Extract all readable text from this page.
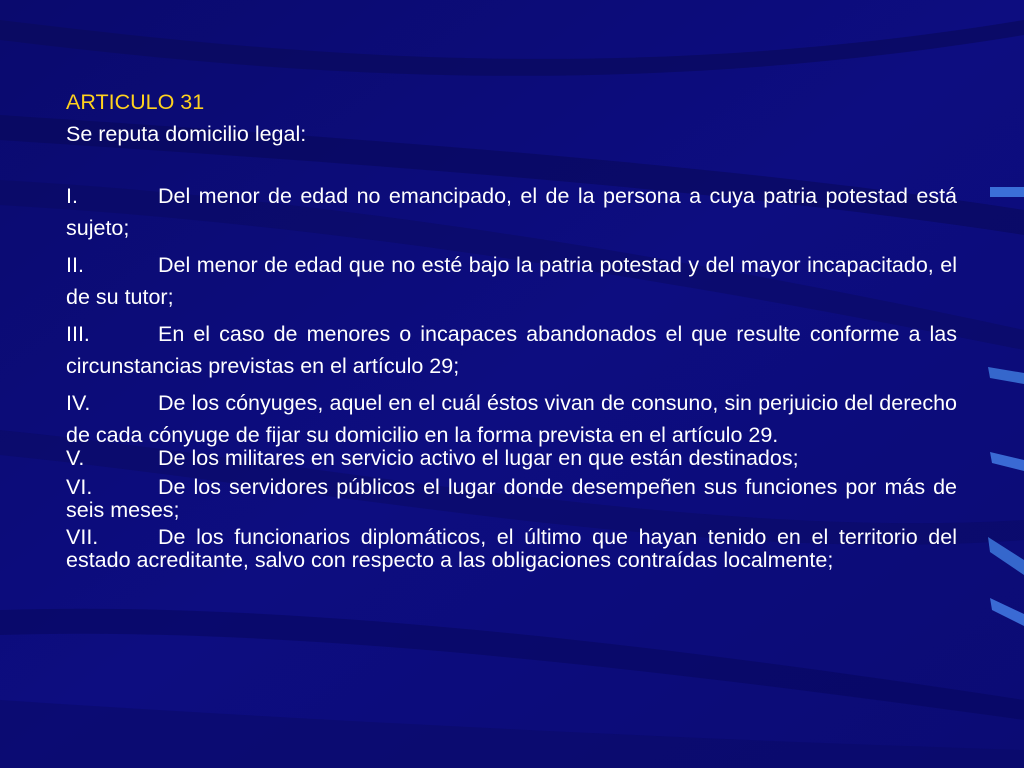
ARTICULO 31

Se reputa domicilio legal:

I.	Del menor de edad no emancipado, el de la persona a cuya patria potestad está sujeto;
II.	Del menor de edad que no esté bajo la patria potestad y del mayor incapacitado, el de su tutor;
III.	En el caso de menores o incapaces abandonados el que resulte conforme a las circunstancias previstas en el artículo 29;
IV.	De los cónyuges, aquel en el cuál éstos vivan de consuno, sin perjuicio del derecho de cada cónyuge de fijar su domicilio en la forma prevista en el artículo 29.
V.	De los militares en servicio activo el lugar en que están destinados;
VI.	De los servidores públicos el lugar donde desempeñen sus funciones por más de seis meses;
VII.	De los funcionarios diplomáticos, el último que hayan tenido en el territorio del estado acreditante, salvo con respecto a las obligaciones contraídas localmente;
